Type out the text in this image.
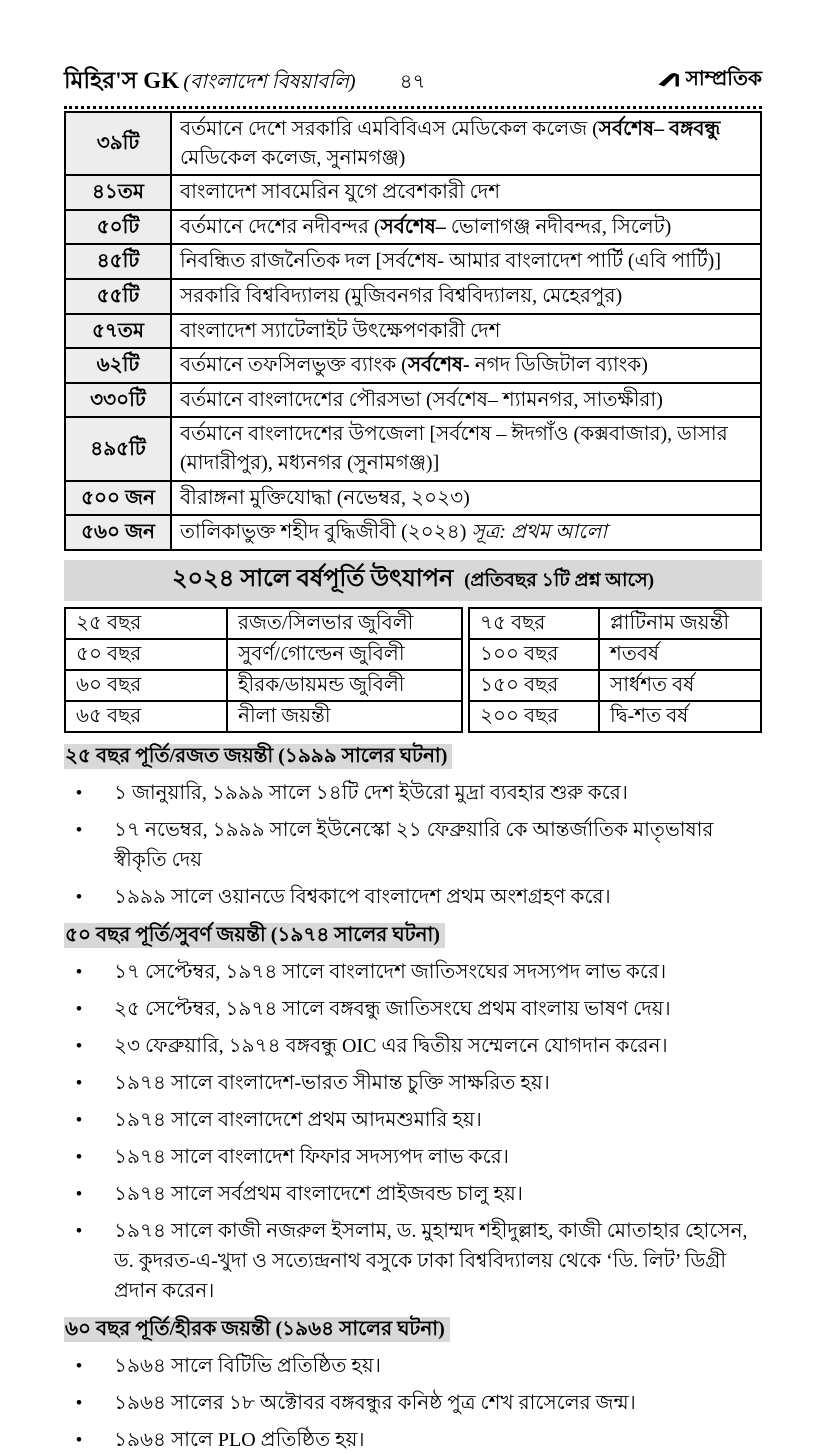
মিহির'স GK (বাংলাদেশ বিষয়াবলি) ৪৭	সাম্প্রতিক
৩৯টি	বর্তমানে দেশে সরকারি এমবিবিএস মেডিকেল কলেজ (সর্বশেষ– বঙ্গবন্ধু মেডিকেল কলেজ, সুনামগঞ্জ)
৪১তম	বাংলাদেশ সাবমেরিন যুগে প্রবেশকারী দেশ
৫০টি	বর্তমানে দেশের নদীবন্দর (সর্বশেষ– ভোলাগঞ্জ নদীবন্দর, সিলেট)
৪৫টি	নিবন্ধিত রাজনৈতিক দল [সর্বশেষ- আমার বাংলাদেশ পার্টি (এবি পার্টি)]
৫৫টি	সরকারি বিশ্ববিদ্যালয় (মুজিবনগর বিশ্ববিদ্যালয়, মেহেরপুর)
৫৭তম	বাংলাদেশ স্যাটেলাইট উৎক্ষেপণকারী দেশ
৬২টি	বর্তমানে তফসিলভুক্ত ব্যাংক (সর্বশেষ- নগদ ডিজিটাল ব্যাংক)
৩৩০টি	বর্তমানে বাংলাদেশের পৌরসভা (সর্বশেষ– শ্যামনগর, সাতক্ষীরা)
৪৯৫টি	বর্তমানে বাংলাদেশের উপজেলা [সর্বশেষ – ঈদগাঁও (কক্সবাজার), ডাসার (মাদারীপুর), মধ্যনগর (সুনামগঞ্জ)]
৫০০ জন	বীরাঙ্গনা মুক্তিযোদ্ধা (নভেম্বর, ২০২৩)
৫৬০ জন	তালিকাভুক্ত শহীদ বুদ্ধিজীবী (২০২৪) সূত্র: প্রথম আলো
২০২৪ সালে বর্ষপূর্তি উৎযাপন (প্রতিবছর ১টি প্রশ্ন আসে)
২৫ বছর	রজত/সিলভার জুবিলী
৫০ বছর	সুবর্ণ/গোল্ডেন জুবিলী
৬০ বছর	হীরক/ডায়মন্ড জুবিলী
৬৫ বছর	নীলা জয়ন্তী
৭৫ বছর	প্লাটিনাম জয়ন্তী
১০০ বছর	শতবর্ষ
১৫০ বছর	সার্ধশত বর্ষ
২০০ বছর	দ্বি-শত বর্ষ
২৫ বছর পূর্তি/রজত জয়ন্তী (১৯৯৯ সালের ঘটনা)
•	১ জানুয়ারি, ১৯৯৯ সালে ১৪টি দেশ ইউরো মুদ্রা ব্যবহার শুরু করে।
•	১৭ নভেম্বর, ১৯৯৯ সালে ইউনেস্কো ২১ ফেব্রুয়ারি কে আন্তর্জাতিক মাতৃভাষার স্বীকৃতি দেয়
•	১৯৯৯ সালে ওয়ানডে বিশ্বকাপে বাংলাদেশ প্রথম অংশগ্রহণ করে।
৫০ বছর পূর্তি/সুবর্ণ জয়ন্তী (১৯৭৪ সালের ঘটনা)
•	১৭ সেপ্টেম্বর, ১৯৭৪ সালে বাংলাদেশ জাতিসংঘের সদস্যপদ লাভ করে।
•	২৫ সেপ্টেম্বর, ১৯৭৪ সালে বঙ্গবন্ধু জাতিসংঘে প্রথম বাংলায় ভাষণ দেয়।
•	২৩ ফেব্রুয়ারি, ১৯৭৪ বঙ্গবন্ধু OIC এর দ্বিতীয় সম্মেলনে যোগদান করেন।
•	১৯৭৪ সালে বাংলাদেশ-ভারত সীমান্ত চুক্তি সাক্ষরিত হয়।
•	১৯৭৪ সালে বাংলাদেশে প্রথম আদমশুমারি হয়।
•	১৯৭৪ সালে বাংলাদেশ ফিফার সদস্যপদ লাভ করে।
•	১৯৭৪ সালে সর্বপ্রথম বাংলাদেশে প্রাইজবন্ড চালু হয়।
•	১৯৭৪ সালে কাজী নজরুল ইসলাম, ড. মুহাম্মদ শহীদুল্লাহ, কাজী মোতাহার হোসেন, ড. কুদরত-এ-খুদা ও সত্যেন্দ্রনাথ বসুকে ঢাকা বিশ্ববিদ্যালয় থেকে ‘ডি. লিট’ ডিগ্রী প্রদান করেন।
৬০ বছর পূর্তি/হীরক জয়ন্তী (১৯৬৪ সালের ঘটনা)
•	১৯৬৪ সালে বিটিভি প্রতিষ্ঠিত হয়।
•	১৯৬৪ সালের ১৮ অক্টোবর বঙ্গবন্ধুর কনিষ্ঠ পুত্র শেখ রাসেলের জন্ম।
•	১৯৬৪ সালে PLO প্রতিষ্ঠিত হয়।
